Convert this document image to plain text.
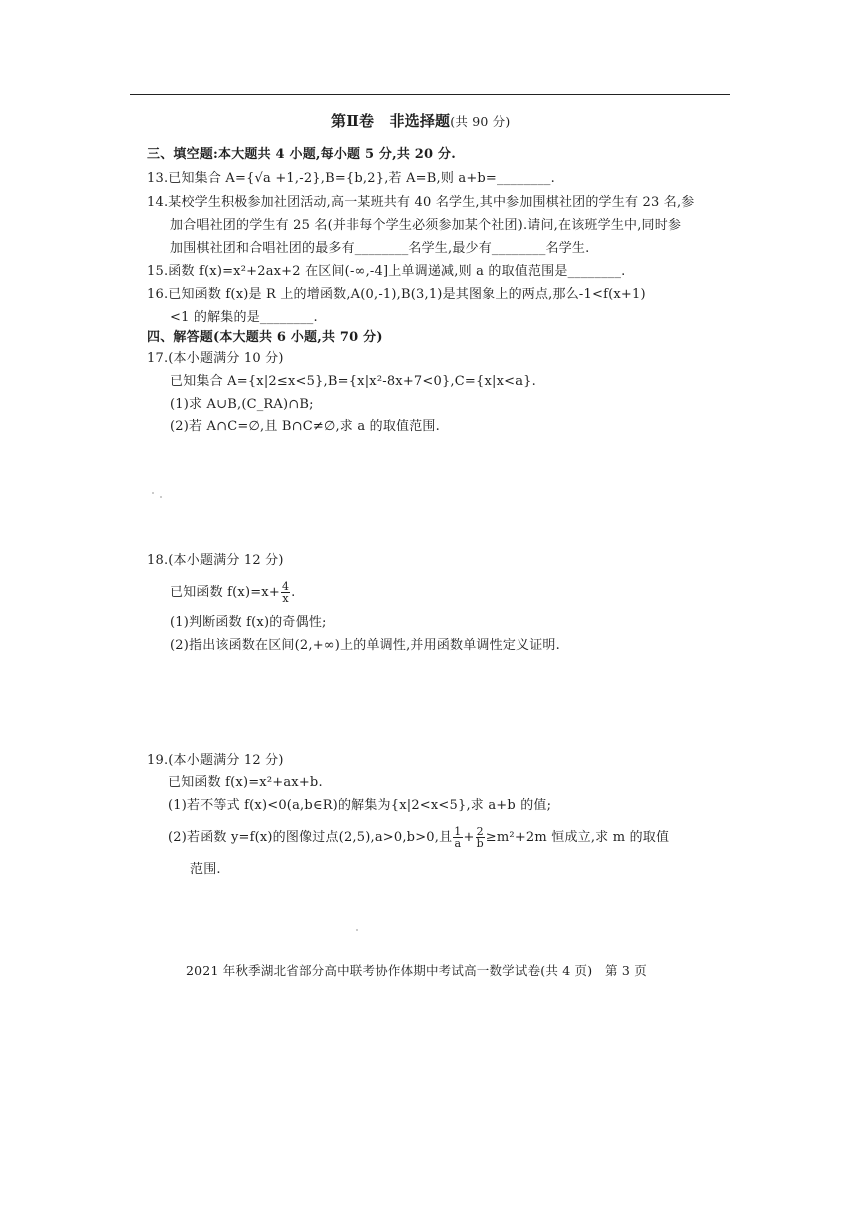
第Ⅱ卷　非选择题(共 90 分)
三、填空题:本大题共 4 小题,每小题 5 分,共 20 分.
13.已知集合 A={√a +1,-2},B={b,2},若 A=B,则 a+b=________.
14.某校学生积极参加社团活动,高一某班共有 40 名学生,其中参加围棋社团的学生有 23 名,参
加合唱社团的学生有 25 名(并非每个学生必须参加某个社团).请问,在该班学生中,同时参
加围棋社团和合唱社团的最多有________名学生,最少有________名学生.
15.函数 f(x)=x²+2ax+2 在区间(-∞,-4]上单调递减,则 a 的取值范围是________.
16.已知函数 f(x)是 R 上的增函数,A(0,-1),B(3,1)是其图象上的两点,那么-1<f(x+1)
<1 的解集的是________.
四、解答题(本大题共 6 小题,共 70 分)
17.(本小题满分 10 分)
已知集合 A={x|2≤x<5},B={x|x²-8x+7<0},C={x|x<a}.
(1)求 A∪B,(C_RA)∩B;
(2)若 A∩C=∅,且 B∩C≠∅,求 a 的取值范围.
18.(本小题满分 12 分)
已知函数 $f(x)=x+ \frac{4}{x}$ .
(1)判断函数 f(x)的奇偶性;
(2)指出该函数在区间(2,+∞)上的单调性,并用函数单调性定义证明.
19.(本小题满分 12 分)
已知函数 f(x)=x²+ax+b.
(1)若不等式 f(x)<0(a,b∈R)的解集为{x|2<x<5},求 a+b 的值;
(2)若函数 y=f(x)的图像过点(2,5),a>0,b>0,且 $\frac{1}{a} + \frac{2}{b} \ge m^2+2m$ 恒成立,求 m 的取值
范围.
2021 年秋季湖北省部分高中联考协作体期中考试高一数学试卷(共 4 页)　第 3 页
